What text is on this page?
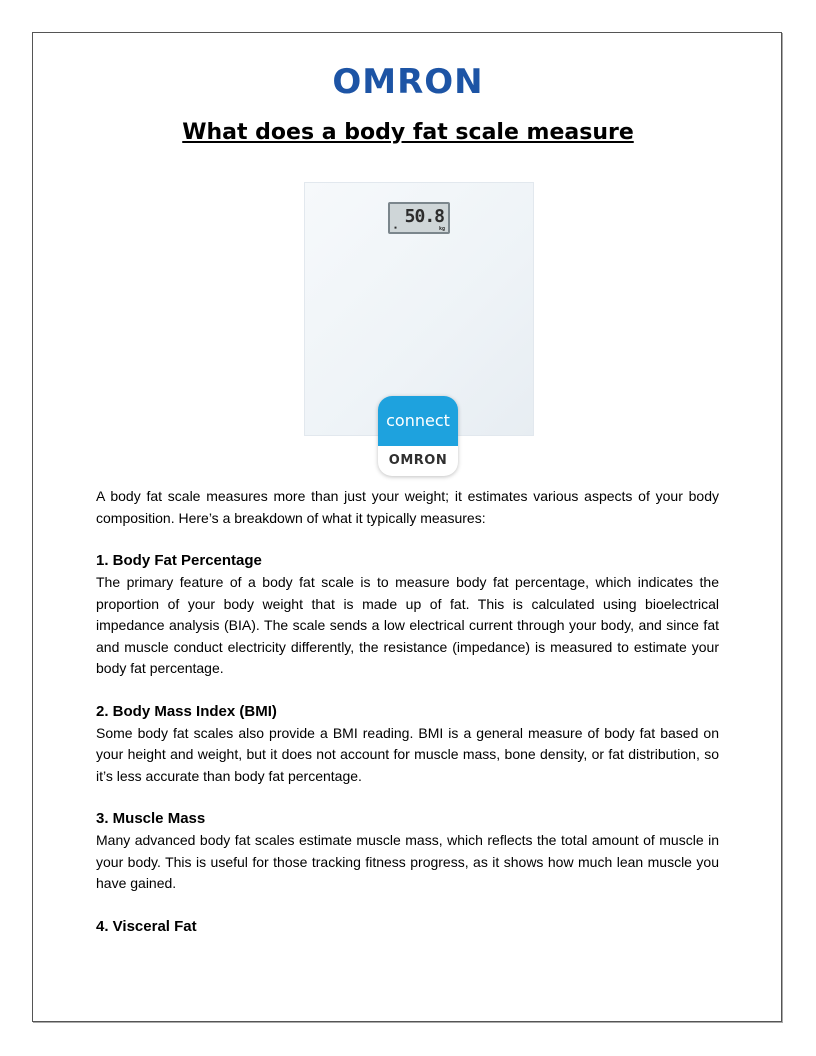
OMRON
What does a body fat scale measure
▪
50.8
kg
connect
OMRON

A body fat scale measures more than just your weight; it estimates various aspects of your body composition. Here’s a breakdown of what it typically measures:

1. Body Fat Percentage

The primary feature of a body fat scale is to measure body fat percentage, which indicates the proportion of your body weight that is made up of fat. This is calculated using bioelectrical impedance analysis (BIA). The scale sends a low electrical current through your body, and since fat and muscle conduct electricity differently, the resistance (impedance) is measured to estimate your body fat percentage.

2. Body Mass Index (BMI)

Some body fat scales also provide a BMI reading. BMI is a general measure of body fat based on your height and weight, but it does not account for muscle mass, bone density, or fat distribution, so it’s less accurate than body fat percentage.

3. Muscle Mass

Many advanced body fat scales estimate muscle mass, which reflects the total amount of muscle in your body. This is useful for those tracking fitness progress, as it shows how much lean muscle you have gained.

4. Visceral Fat
